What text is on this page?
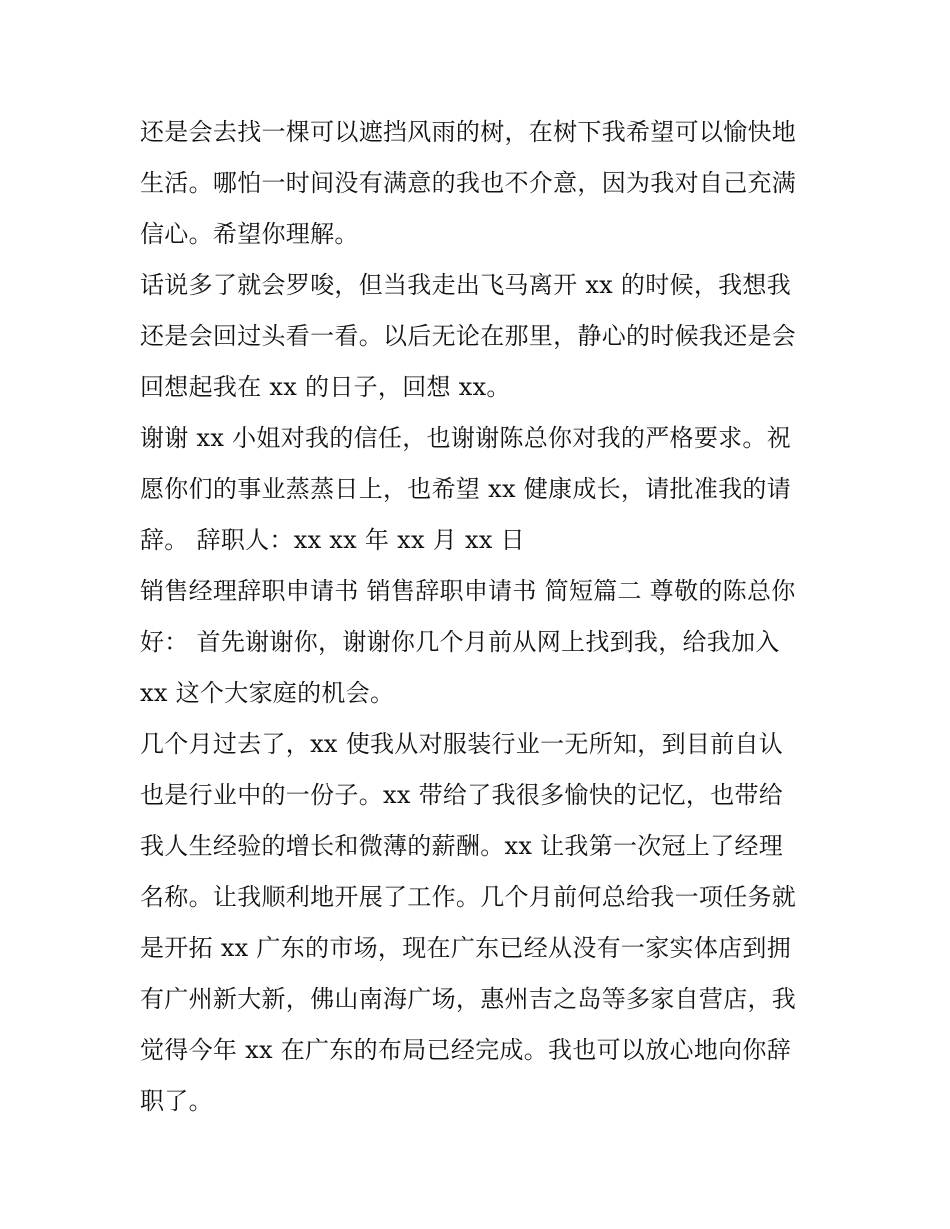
还是会去找一棵可以遮挡风雨的树，在树下我希望可以愉快地
生活。哪怕一时间没有满意的我也不介意，因为我对自己充满
信心。希望你理解。
话说多了就会罗唆，但当我走出飞马离开 xx 的时候，我想我
还是会回过头看一看。以后无论在那里，静心的时候我还是会
回想起我在 xx 的日子，回想 xx。
谢谢 xx 小姐对我的信任，也谢谢陈总你对我的严格要求。祝
愿你们的事业蒸蒸日上，也希望 xx 健康成长，请批准我的请
辞。 辞职人：xx xx 年 xx 月 xx 日
销售经理辞职申请书 销售辞职申请书 简短篇二 尊敬的陈总你
好： 首先谢谢你，谢谢你几个月前从网上找到我，给我加入
xx 这个大家庭的机会。
几个月过去了，xx 使我从对服装行业一无所知，到目前自认
也是行业中的一份子。xx 带给了我很多愉快的记忆，也带给
我人生经验的增长和微薄的薪酬。xx 让我第一次冠上了经理
名称。让我顺利地开展了工作。几个月前何总给我一项任务就
是开拓 xx 广东的市场，现在广东已经从没有一家实体店到拥
有广州新大新，佛山南海广场，惠州吉之岛等多家自营店，我
觉得今年 xx 在广东的布局已经完成。我也可以放心地向你辞
职了。
